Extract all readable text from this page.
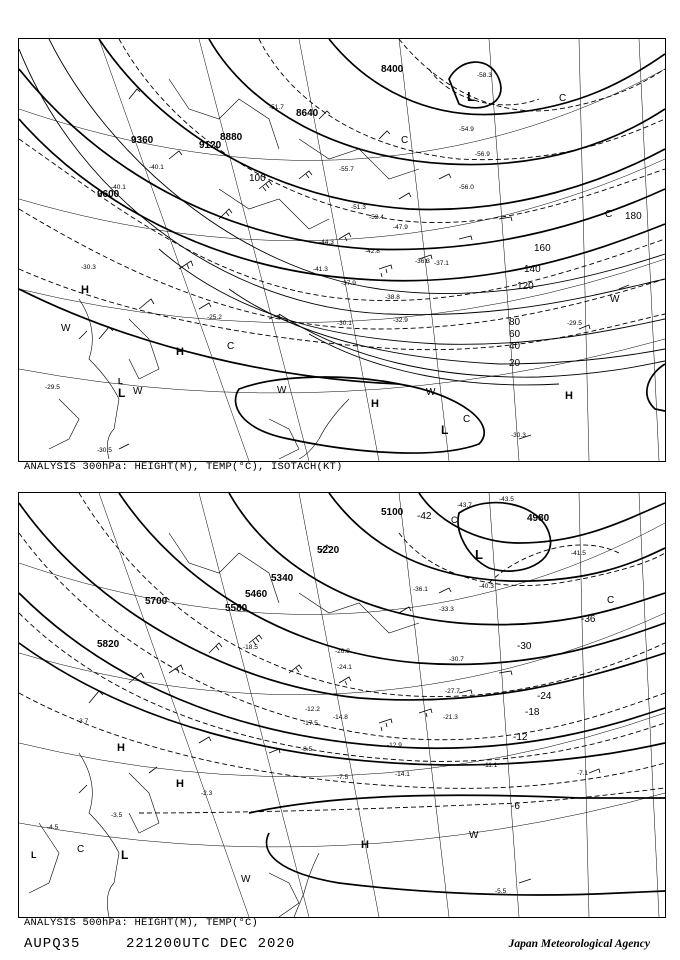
8400
8640
8880
9120
9360
9600
20
40
60
80
100
120
140
160
180
L
L
L
L
H
H
H
H
W
W	W	W
W
C
C
C
C
C
-58.3
-54.9
-55.7
-56.9
-51.3
-47.9
-41.3
-37.9
-38.8
-32.9
-30.1
-25.2
-29.5
-30.3
-30.5
-29.5
-36.3 -37.1
-44.3
-42.8
-40.1
-52.4
-56.0
-51.7
-40.1
-30.3
ANALYSIS 300hPa: HEIGHT(M), TEMP(°C), ISOTACH(KT)
4980
5100
5220
5340
5460
5580
5700
5820
-42
-36
-30
-24
-18
-12
-6
L
L
L
H
H
H
W
W
C
C
C
-43.7
-43.5
-41.5
-40.3
-36.1
-33.3
-30.7
-27.7
-21.3
-17.5
-14.8
-12.2
-11.1
-7.5
-7.1
-5.5
-3.7
-4.5
-2.3
-3.5
-14.1
-12.9
-8.5
-24.1
-18.5
-26.8
ANALYSIS 500hPa: HEIGHT(M), TEMP(°C)
AUPQ35	221200UTC DEC 2020	Japan Meteorological Agency
